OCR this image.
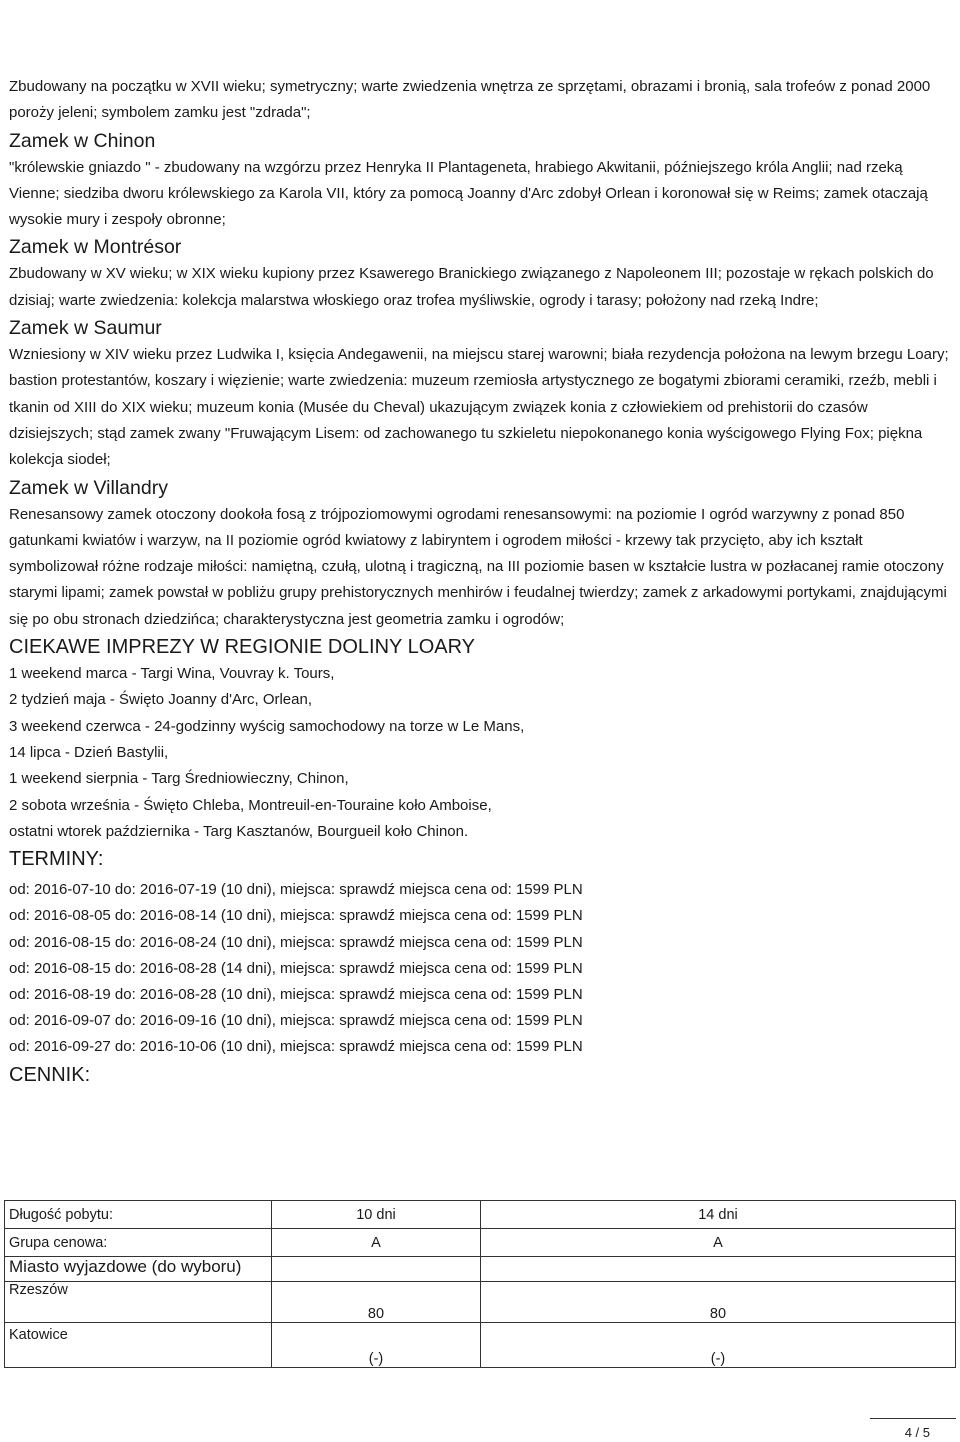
Zbudowany na początku w XVII wieku; symetryczny; warte zwiedzenia wnętrza ze sprzętami, obrazami i bronią, sala trofeów z ponad 2000 poroży jeleni; symbolem zamku jest "zdrada";

Zamek w Chinon

"królewskie gniazdo " - zbudowany na wzgórzu przez Henryka II Plantageneta, hrabiego Akwitanii, późniejszego króla Anglii; nad rzeką Vienne; siedziba dworu królewskiego za Karola VII, który za pomocą Joanny d'Arc zdobył Orlean i koronował się w Reims; zamek otaczają wysokie mury i zespoły obronne;

Zamek w Montrésor

Zbudowany w XV wieku; w XIX wieku kupiony przez Ksawerego Branickiego związanego z Napoleonem III; pozostaje w rękach polskich do dzisiaj; warte zwiedzenia: kolekcja malarstwa włoskiego oraz trofea myśliwskie, ogrody i tarasy; położony nad rzeką Indre;

Zamek w Saumur

Wzniesiony w XIV wieku przez Ludwika I, księcia Andegawenii, na miejscu starej warowni; biała rezydencja położona na lewym brzegu Loary; bastion protestantów, koszary i więzienie; warte zwiedzenia: muzeum rzemiosła artystycznego ze bogatymi zbiorami ceramiki, rzeźb, mebli i tkanin od XIII do XIX wieku; muzeum konia (Musée du Cheval) ukazującym związek konia z człowiekiem od prehistorii do czasów dzisiejszych; stąd zamek zwany "Fruwającym Lisem: od zachowanego tu szkieletu niepokonanego konia wyścigowego Flying Fox; piękna kolekcja siodeł;

Zamek w Villandry

Renesansowy zamek otoczony dookoła fosą z trójpoziomowymi ogrodami renesansowymi: na poziomie I ogród warzywny z ponad 850 gatunkami kwiatów i warzyw, na II poziomie ogród kwiatowy z labiryntem i ogrodem miłości - krzewy tak przycięto, aby ich kształt symbolizował różne rodzaje miłości: namiętną, czułą, ulotną i tragiczną, na III poziomie basen w kształcie lustra w pozłacanej ramie otoczony starymi lipami; zamek powstał w pobliżu grupy prehistorycznych menhirów i feudalnej twierdzy; zamek z arkadowymi portykami, znajdującymi się po obu stronach dziedzińca; charakterystyczna jest geometria zamku i ogrodów;

CIEKAWE IMPREZY W REGIONIE DOLINY LOARY

1 weekend marca - Targi Wina, Vouvray k. Tours,

2 tydzień maja - Święto Joanny d'Arc, Orlean,

3 weekend czerwca - 24-godzinny wyścig samochodowy na torze w Le Mans,

14 lipca - Dzień Bastylii,

1 weekend sierpnia - Targ Średniowieczny, Chinon,

2 sobota września - Święto Chleba, Montreuil-en-Touraine koło Amboise,

ostatni wtorek października - Targ Kasztanów, Bourgueil koło Chinon.

TERMINY:

od: 2016-07-10 do: 2016-07-19 (10 dni), miejsca: sprawdź miejsca cena od: 1599 PLN

od: 2016-08-05 do: 2016-08-14 (10 dni), miejsca: sprawdź miejsca cena od: 1599 PLN

od: 2016-08-15 do: 2016-08-24 (10 dni), miejsca: sprawdź miejsca cena od: 1599 PLN

od: 2016-08-15 do: 2016-08-28 (14 dni), miejsca: sprawdź miejsca cena od: 1599 PLN

od: 2016-08-19 do: 2016-08-28 (10 dni), miejsca: sprawdź miejsca cena od: 1599 PLN

od: 2016-09-07 do: 2016-09-16 (10 dni), miejsca: sprawdź miejsca cena od: 1599 PLN

od: 2016-09-27 do: 2016-10-06 (10 dni), miejsca: sprawdź miejsca cena od: 1599 PLN

CENNIK:
Długość pobytu:	10 dni	14 dni
Grupa cenowa:	A	A
Miasto wyjazdowe (do wyboru)		
Rzeszów	80	80
Katowice	(-)	(-)
4 / 5
